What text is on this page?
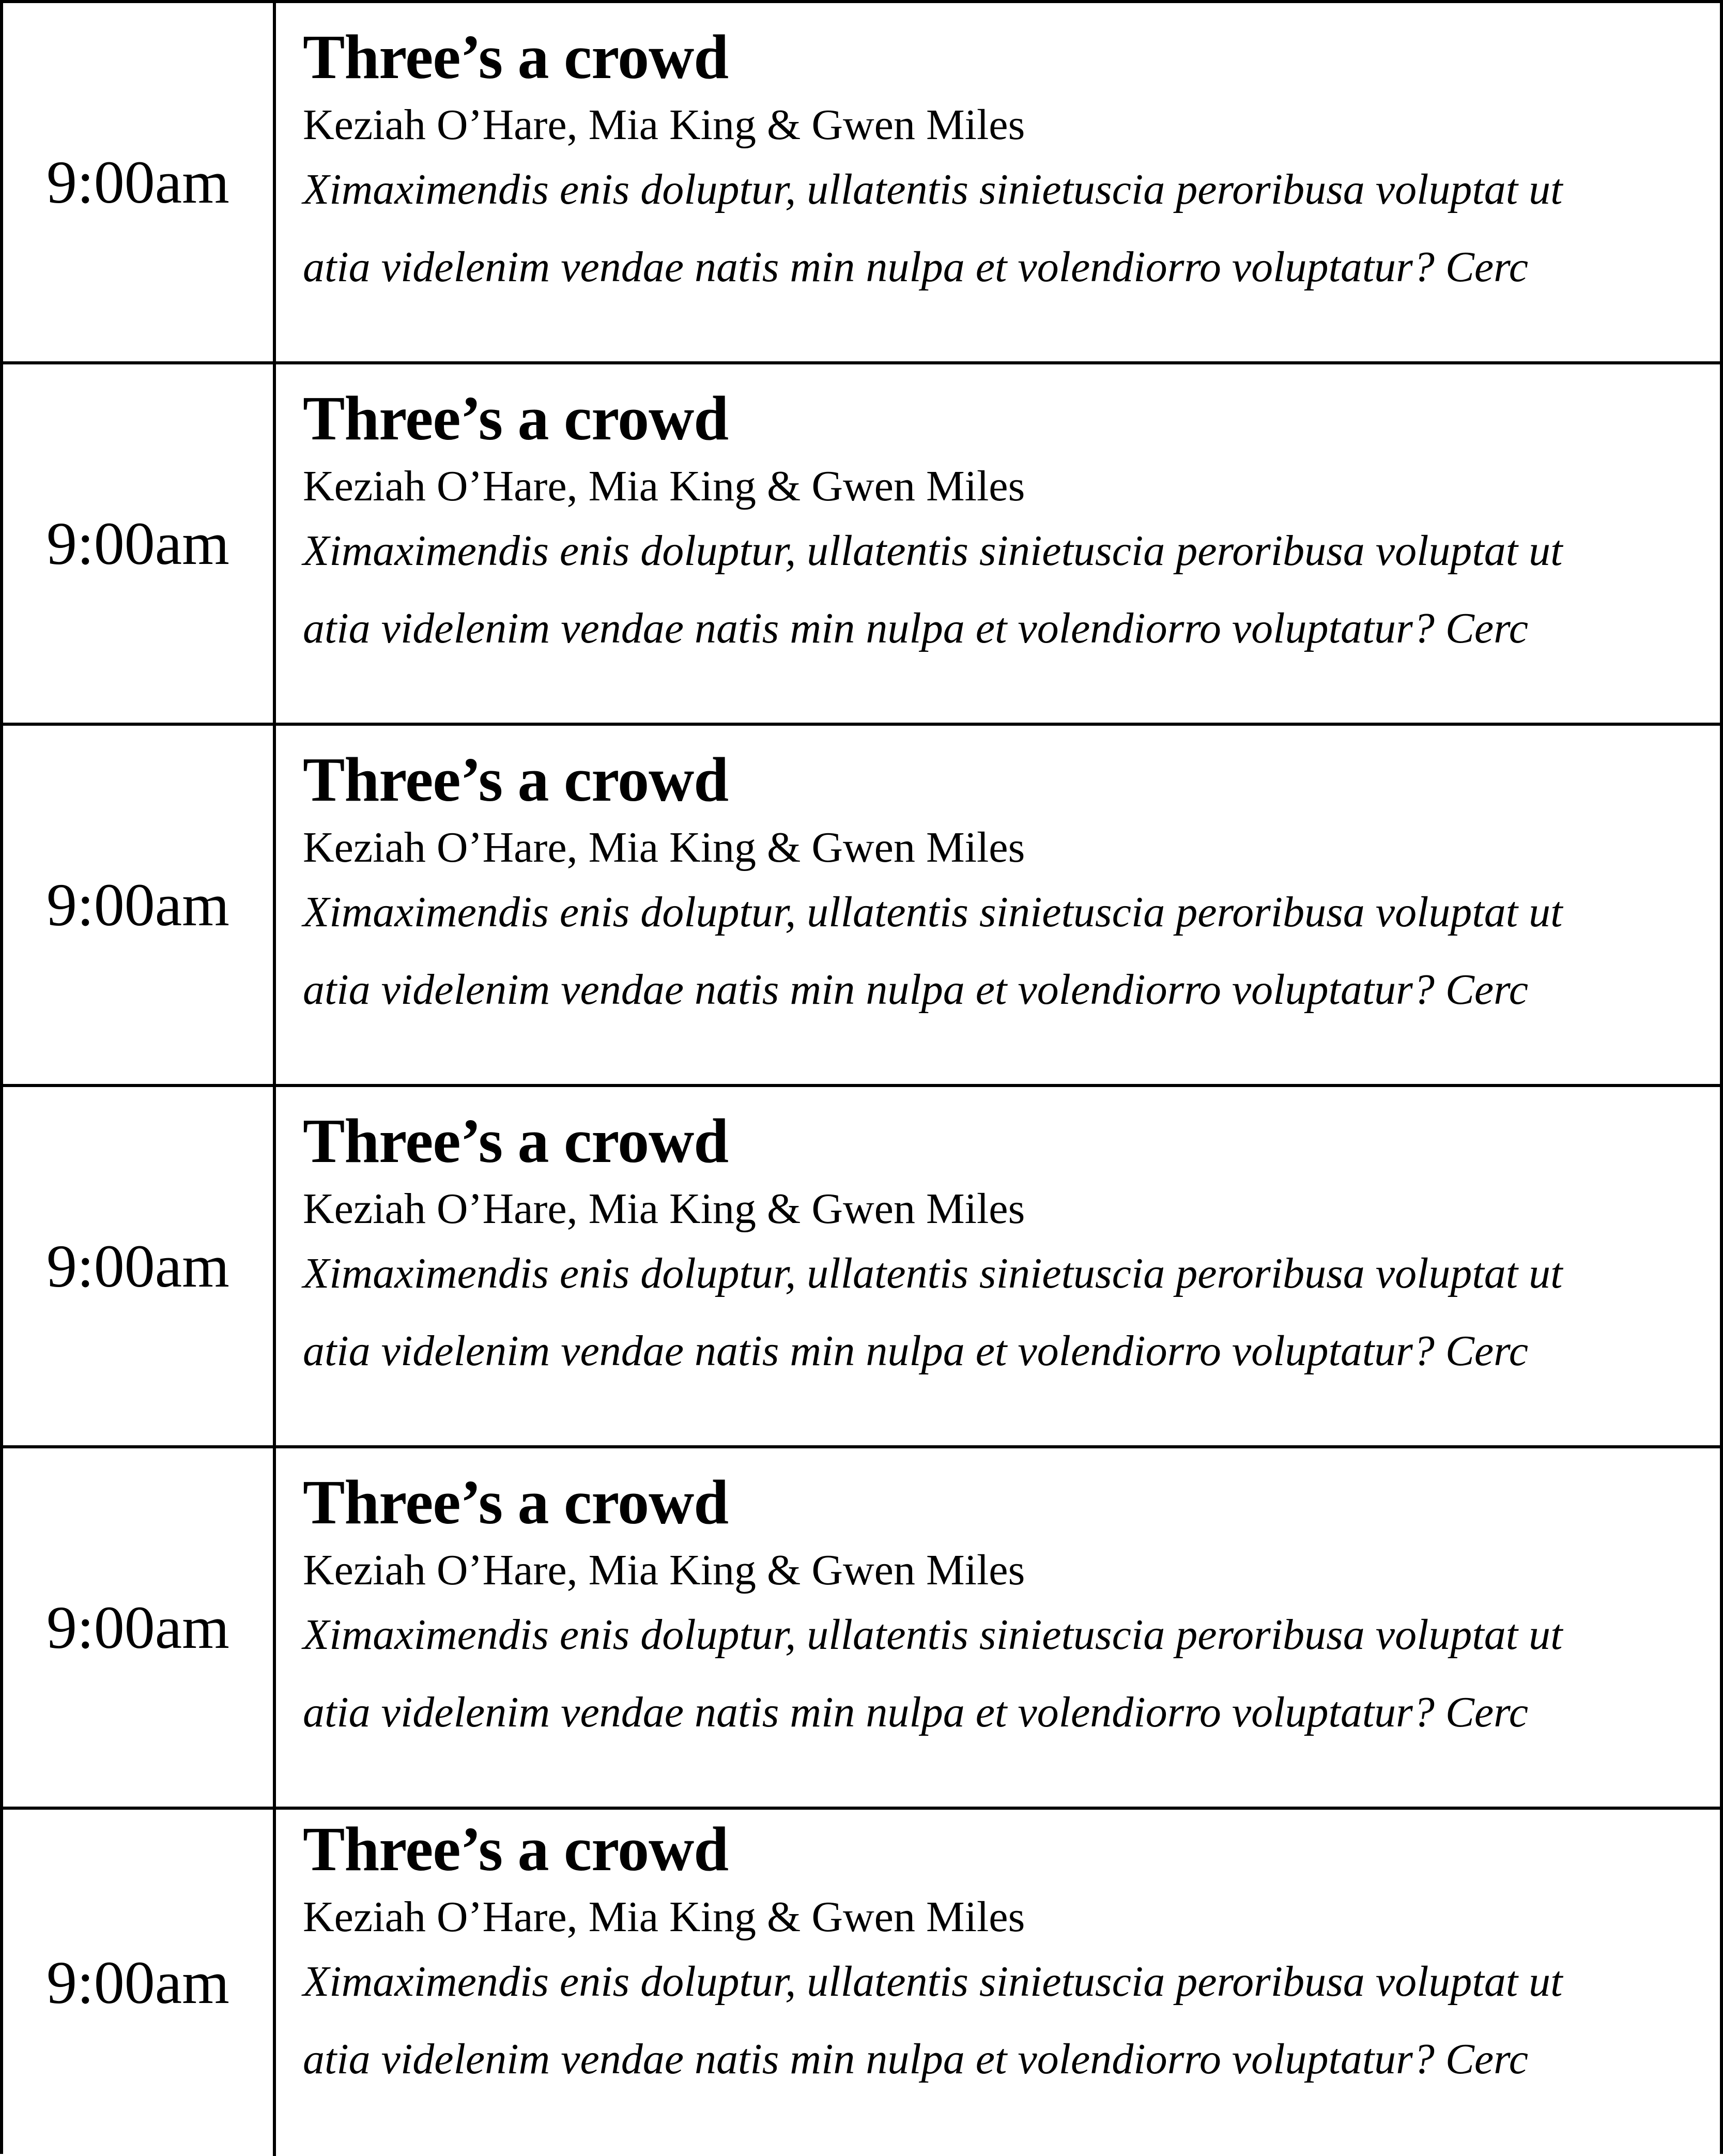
9:00am
Three’s a crowd
Keziah O’Hare, Mia King & Gwen Miles
Ximaximendis enis doluptur, ullatentis sinietuscia peroribusa voluptat ut
atia videlenim vendae natis min nulpa et volendiorro voluptatur? Cerc
9:00am
Three’s a crowd
Keziah O’Hare, Mia King & Gwen Miles
Ximaximendis enis doluptur, ullatentis sinietuscia peroribusa voluptat ut
atia videlenim vendae natis min nulpa et volendiorro voluptatur? Cerc
9:00am
Three’s a crowd
Keziah O’Hare, Mia King & Gwen Miles
Ximaximendis enis doluptur, ullatentis sinietuscia peroribusa voluptat ut
atia videlenim vendae natis min nulpa et volendiorro voluptatur? Cerc
9:00am
Three’s a crowd
Keziah O’Hare, Mia King & Gwen Miles
Ximaximendis enis doluptur, ullatentis sinietuscia peroribusa voluptat ut
atia videlenim vendae natis min nulpa et volendiorro voluptatur? Cerc
9:00am
Three’s a crowd
Keziah O’Hare, Mia King & Gwen Miles
Ximaximendis enis doluptur, ullatentis sinietuscia peroribusa voluptat ut
atia videlenim vendae natis min nulpa et volendiorro voluptatur? Cerc
9:00am
Three’s a crowd
Keziah O’Hare, Mia King & Gwen Miles
Ximaximendis enis doluptur, ullatentis sinietuscia peroribusa voluptat ut
atia videlenim vendae natis min nulpa et volendiorro voluptatur? Cerc
